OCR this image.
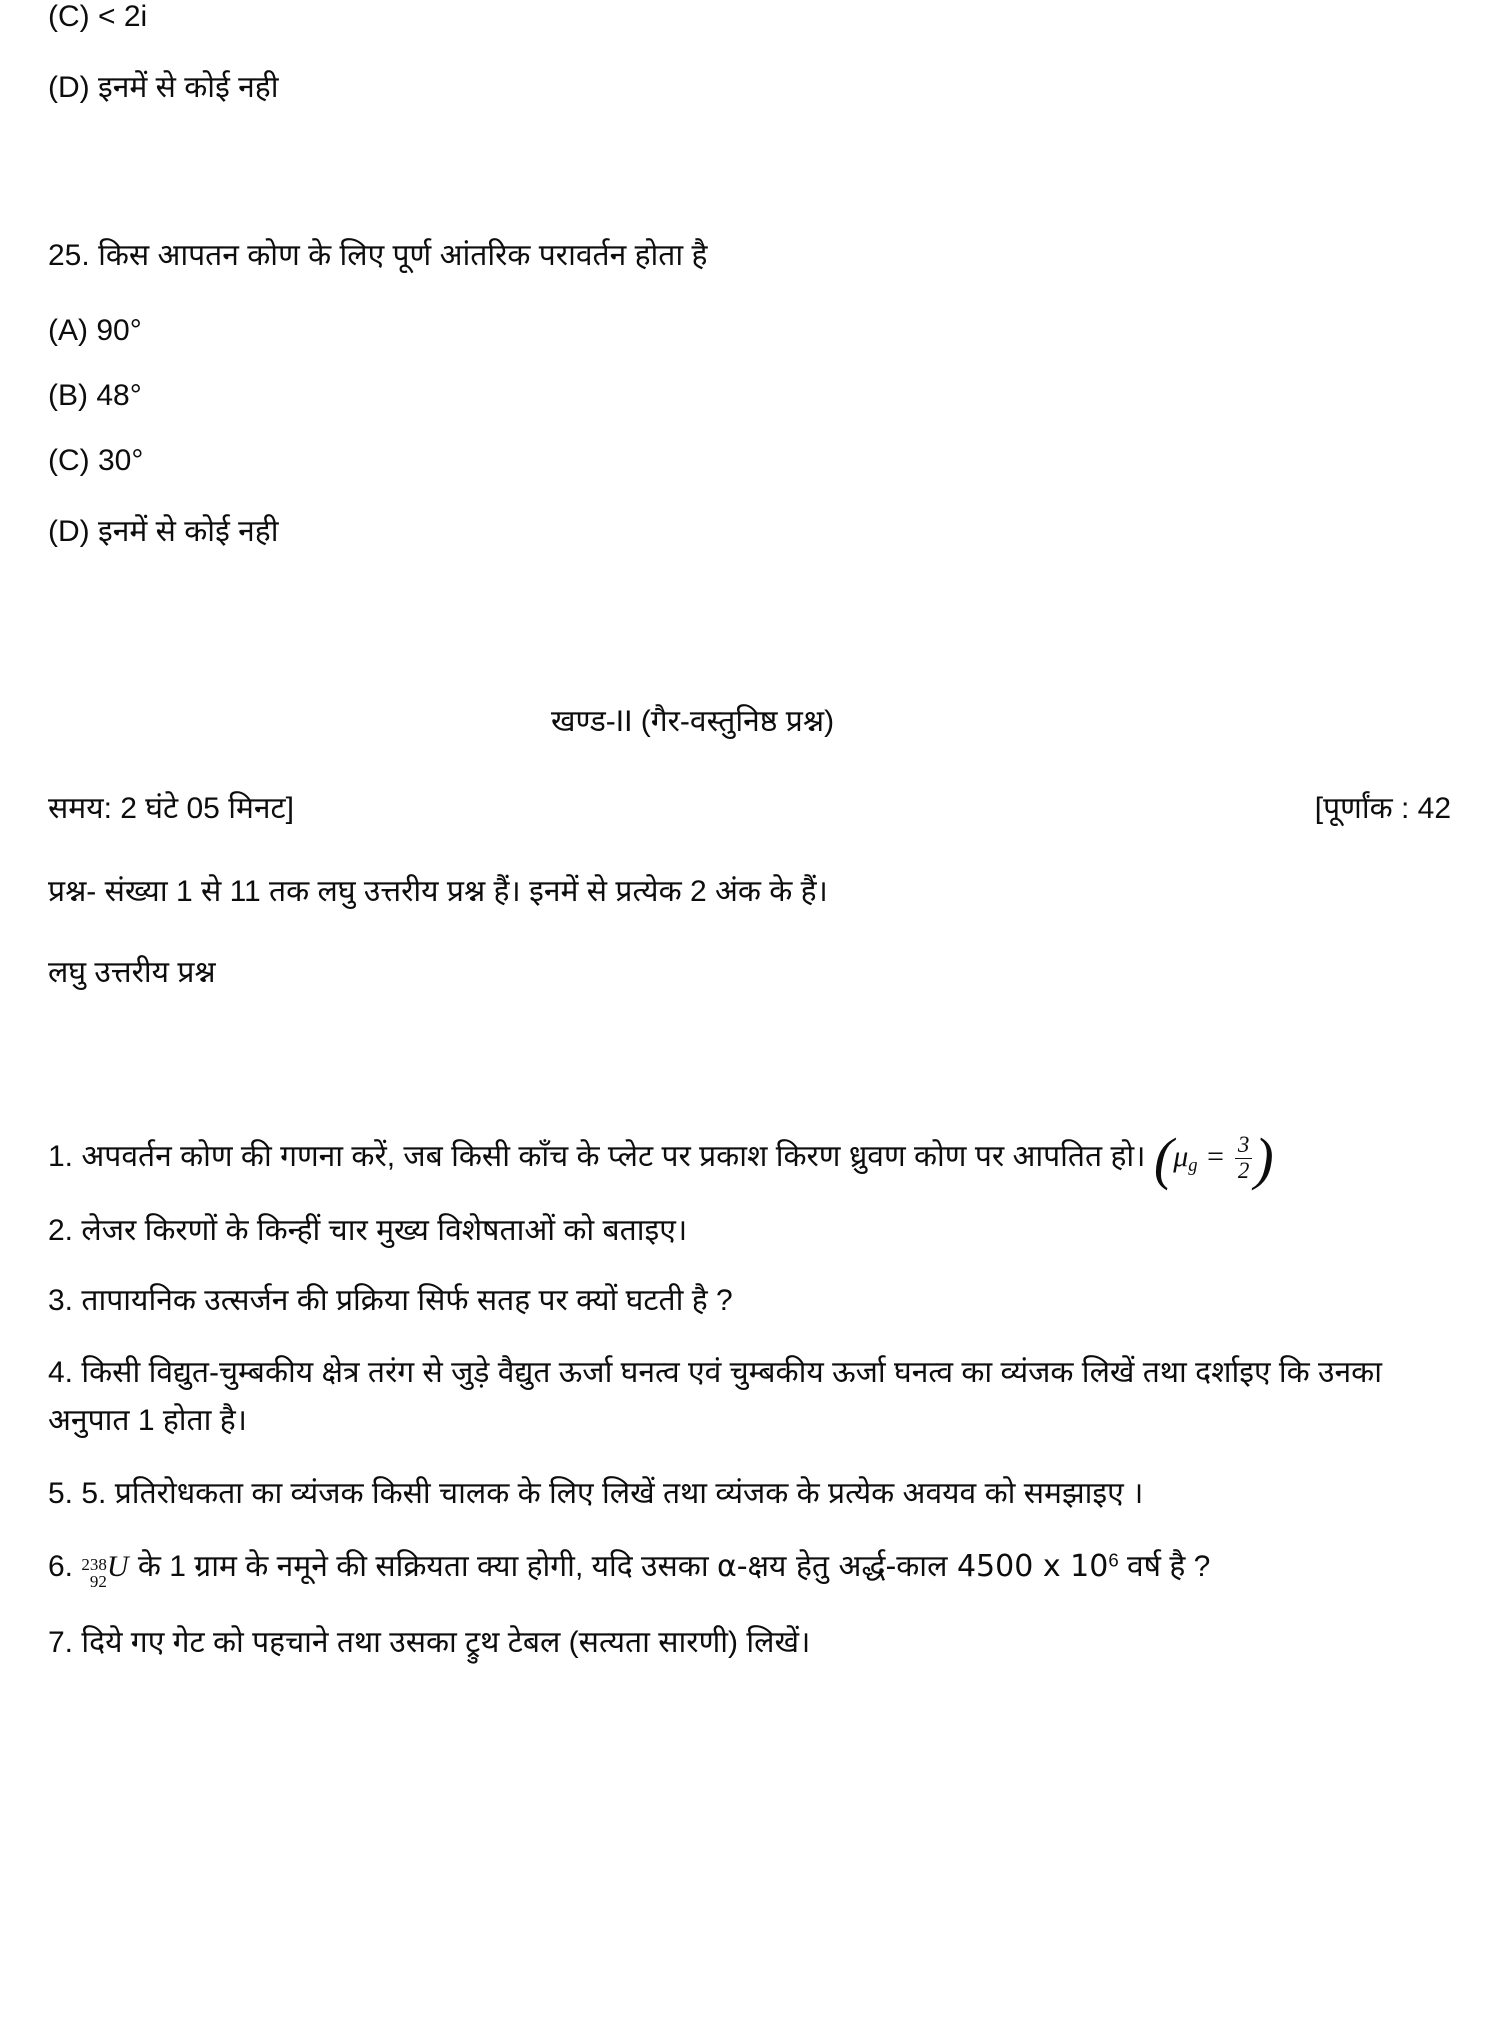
(C) < 2i
(D) इनमें से कोई नही
25. किस आपतन कोण के लिए पूर्ण आंतरिक परावर्तन होता है
(A) 90°
(B) 48°
(C) 30°
(D) इनमें से कोई नही
खण्ड-II (गैर-वस्तुनिष्ठ प्रश्न)
समय: 2 घंटे 05 मिनट]	[पूर्णांक : 42
प्रश्न- संख्या 1 से 11 तक लघु उत्तरीय प्रश्न हैं। इनमें से प्रत्येक 2 अंक के हैं।
लघु उत्तरीय प्रश्न
1. अपवर्तन कोण की गणना करें, जब किसी काँच के प्लेट पर प्रकाश किरण ध्रुवण कोण पर आपतित हो। ($\mu_g = \frac{3}{2}$ )
2. लेजर किरणों के किन्हीं चार मुख्य विशेषताओं को बताइए।
3. तापायनिक उत्सर्जन की प्रक्रिया सिर्फ सतह पर क्यों घटती है ?
4. किसी विद्युत-चुम्बकीय क्षेत्र तरंग से जुड़े वैद्युत ऊर्जा घनत्व एवं चुम्बकीय ऊर्जा घनत्व का व्यंजक लिखें तथा दर्शाइए कि उनका अनुपात 1 होता है।
5. 5. प्रतिरोधकता का व्यंजक किसी चालक के लिए लिखें तथा व्यंजक के प्रत्येक अवयव को समझाइए ।
6. 238
92 U के 1 ग्राम के नमूने की सक्रियता क्या होगी, यदि उसका α-क्षय हेतु अर्द्ध-काल 4500 x $10^6$ वर्ष है ?
7. दिये गए गेट को पहचाने तथा उसका ट्रुथ टेबल (सत्यता सारणी) लिखें।
